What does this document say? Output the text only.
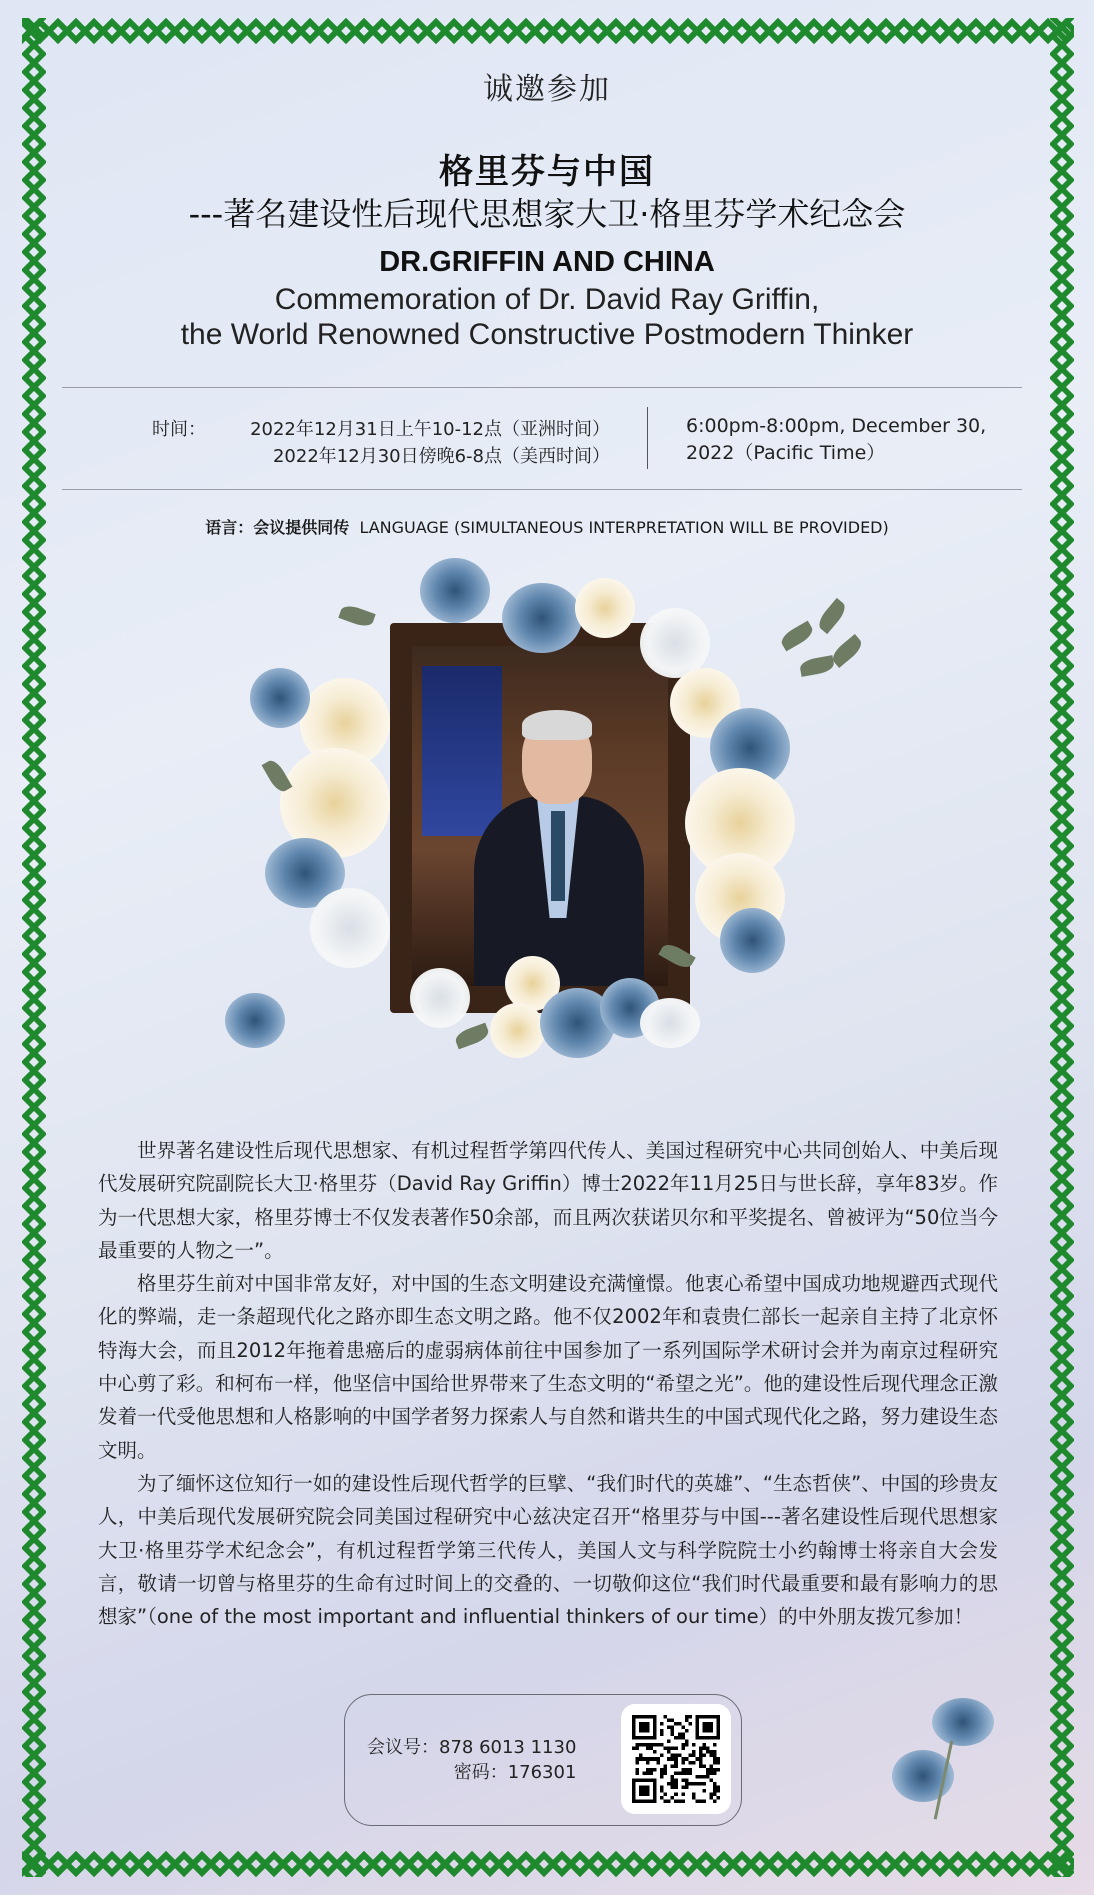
诚邀参加
格里芬与中国
---著名建设性后现代思想家大卫·格里芬学术纪念会
DR.GRIFFIN AND CHINA
Commemoration of Dr. David Ray Griffin,
the World Renowned Constructive Postmodern Thinker
时间： 2022年12月31日上午10-12点（亚洲时间）
2022年12月30日傍晚6-8点（美西时间）
6:00pm-8:00pm, December 30,
2022（Pacific Time）
语言：会议提供同传 LANGUAGE (SIMULTANEOUS INTERPRETATION WILL BE PROVIDED)

世界著名建设性后现代思想家、有机过程哲学第四代传人、美国过程研究中心共同创始人、中美后现代发展研究院副院长大卫·格里芬（David Ray Griffin）博士2022年11月25日与世长辞，享年83岁。作为一代思想大家，格里芬博士不仅发表著作50余部，而且两次获诺贝尔和平奖提名、曾被评为“50位当今最重要的人物之一”。

格里芬生前对中国非常友好，对中国的生态文明建设充满憧憬。他衷心希望中国成功地规避西式现代化的弊端，走一条超现代化之路亦即生态文明之路。他不仅2002年和袁贵仁部长一起亲自主持了北京怀特海大会，而且2012年拖着患癌后的虚弱病体前往中国参加了一系列国际学术研讨会并为南京过程研究中心剪了彩。和柯布一样，他坚信中国给世界带来了生态文明的“希望之光”。他的建设性后现代理念正激发着一代受他思想和人格影响的中国学者努力探索人与自然和谐共生的中国式现代化之路，努力建设生态文明。

为了缅怀这位知行一如的建设性后现代哲学的巨擘、“我们时代的英雄”、“生态哲侠”、中国的珍贵友人，中美后现代发展研究院会同美国过程研究中心兹决定召开“格里芬与中国---著名建设性后现代思想家大卫·格里芬学术纪念会”，有机过程哲学第三代传人，美国人文与科学院院士小约翰博士将亲自大会发言，敬请一切曾与格里芬的生命有过时间上的交叠的、一切敬仰这位“我们时代最重要和最有影响力的思想家”（one of the most important and influential thinkers of our time）的中外朋友拨冗参加！

会议号：878 6013 1130
密码：176301
